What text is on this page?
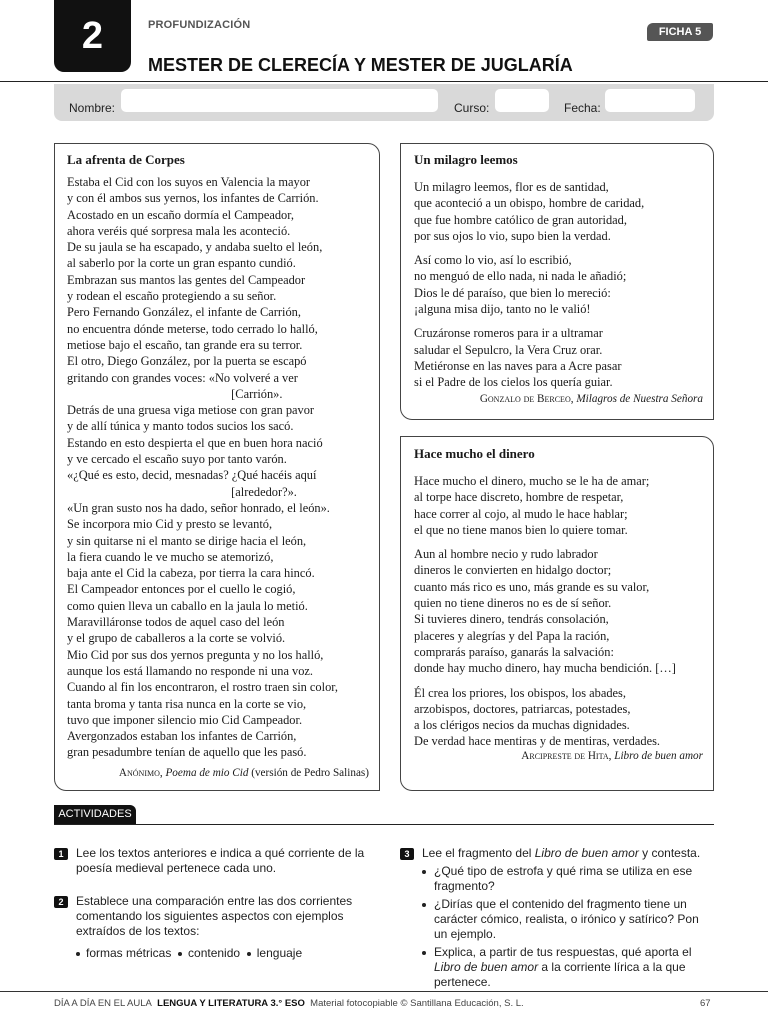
2	PROFUNDIZACIÓN
MESTER DE CLERECÍA Y MESTER DE JUGLARÍA
FICHA 5
Nombre:	Curso:	Fecha:
La afrenta de Corpes
Estaba el Cid con los suyos en Valencia la mayor
y con él ambos sus yernos, los infantes de Carrión.
Acostado en un escaño dormía el Campeador,
ahora veréis qué sorpresa mala les aconteció.
De su jaula se ha escapado, y andaba suelto el león,
al saberlo por la corte un gran espanto cundió.
Embrazan sus mantos las gentes del Campeador
y rodean el escaño protegiendo a su señor.
Pero Fernando González, el infante de Carrión,
no encuentra dónde meterse, todo cerrado lo halló,
metiose bajo el escaño, tan grande era su terror.
El otro, Diego González, por la puerta se escapó
gritando con grandes voces: «No volveré a ver
[Carrión».
Detrás de una gruesa viga metiose con gran pavor
y de allí túnica y manto todos sucios los sacó.
Estando en esto despierta el que en buen hora nació
y ve cercado el escaño suyo por tanto varón.
«¿Qué es esto, decid, mesnadas? ¿Qué hacéis aquí
[alrededor?».
«Un gran susto nos ha dado, señor honrado, el león».
Se incorpora mio Cid y presto se levantó,
y sin quitarse ni el manto se dirige hacia el león,
la fiera cuando le ve mucho se atemorizó,
baja ante el Cid la cabeza, por tierra la cara hincó.
El Campeador entonces por el cuello le cogió,
como quien lleva un caballo en la jaula lo metió.
Maravilláronse todos de aquel caso del león
y el grupo de caballeros a la corte se volvió.
Mio Cid por sus dos yernos pregunta y no los halló,
aunque los está llamando no responde ni una voz.
Cuando al fin los encontraron, el rostro traen sin color,
tanta broma y tanta risa nunca en la corte se vio,
tuvo que imponer silencio mio Cid Campeador.
Avergonzados estaban los infantes de Carrión,
gran pesadumbre tenían de aquello que les pasó.
Anónimo, Poema de mio Cid (versión de Pedro Salinas)
Un milagro leemos
Un milagro leemos, flor es de santidad,
que aconteció a un obispo, hombre de caridad,
que fue hombre católico de gran autoridad,
por sus ojos lo vio, supo bien la verdad.
Así como lo vio, así lo escribió,
no menguó de ello nada, ni nada le añadió;
Dios le dé paraíso, que bien lo mereció:
¡alguna misa dijo, tanto no le valió!
Cruzáronse romeros para ir a ultramar
saludar el Sepulcro, la Vera Cruz orar.
Metiéronse en las naves para a Acre pasar
si el Padre de los cielos los quería guiar.
Gonzalo de Berceo, Milagros de Nuestra Señora
Hace mucho el dinero
Hace mucho el dinero, mucho se le ha de amar;
al torpe hace discreto, hombre de respetar,
hace correr al cojo, al mudo le hace hablar;
el que no tiene manos bien lo quiere tomar.
Aun al hombre necio y rudo labrador
dineros le convierten en hidalgo doctor;
cuanto más rico es uno, más grande es su valor,
quien no tiene dineros no es de sí señor.
Si tuvieres dinero, tendrás consolación,
placeres y alegrías y del Papa la ración,
comprarás paraíso, ganarás la salvación:
donde hay mucho dinero, hay mucha bendición. […]
Él crea los priores, los obispos, los abades,
arzobispos, doctores, patriarcas, potestades,
a los clérigos necios da muchas dignidades.
De verdad hace mentiras y de mentiras, verdades.
Arcipreste de Hita, Libro de buen amor
ACTIVIDADES
1	Lee los textos anteriores e indica a qué corriente de la poesía medieval pertenece cada uno.
2	Establece una comparación entre las dos corrientes comentando los siguientes aspectos con ejemplos extraídos de los textos:
formas métricas contenido lenguaje
3	Lee el fragmento del Libro de buen amor y contesta.
¿Qué tipo de estrofa y qué rima se utiliza en ese fragmento?
¿Dirías que el contenido del fragmento tiene un carácter cómico, realista, o irónico y satírico? Pon un ejemplo.
Explica, a partir de tus respuestas, qué aporta el Libro de buen amor a la corriente lírica a la que pertenece.
DÍA A DÍA EN EL AULA LENGUA Y LITERATURA 3.° ESO Material fotocopiable © Santillana Educación, S. L.	67
